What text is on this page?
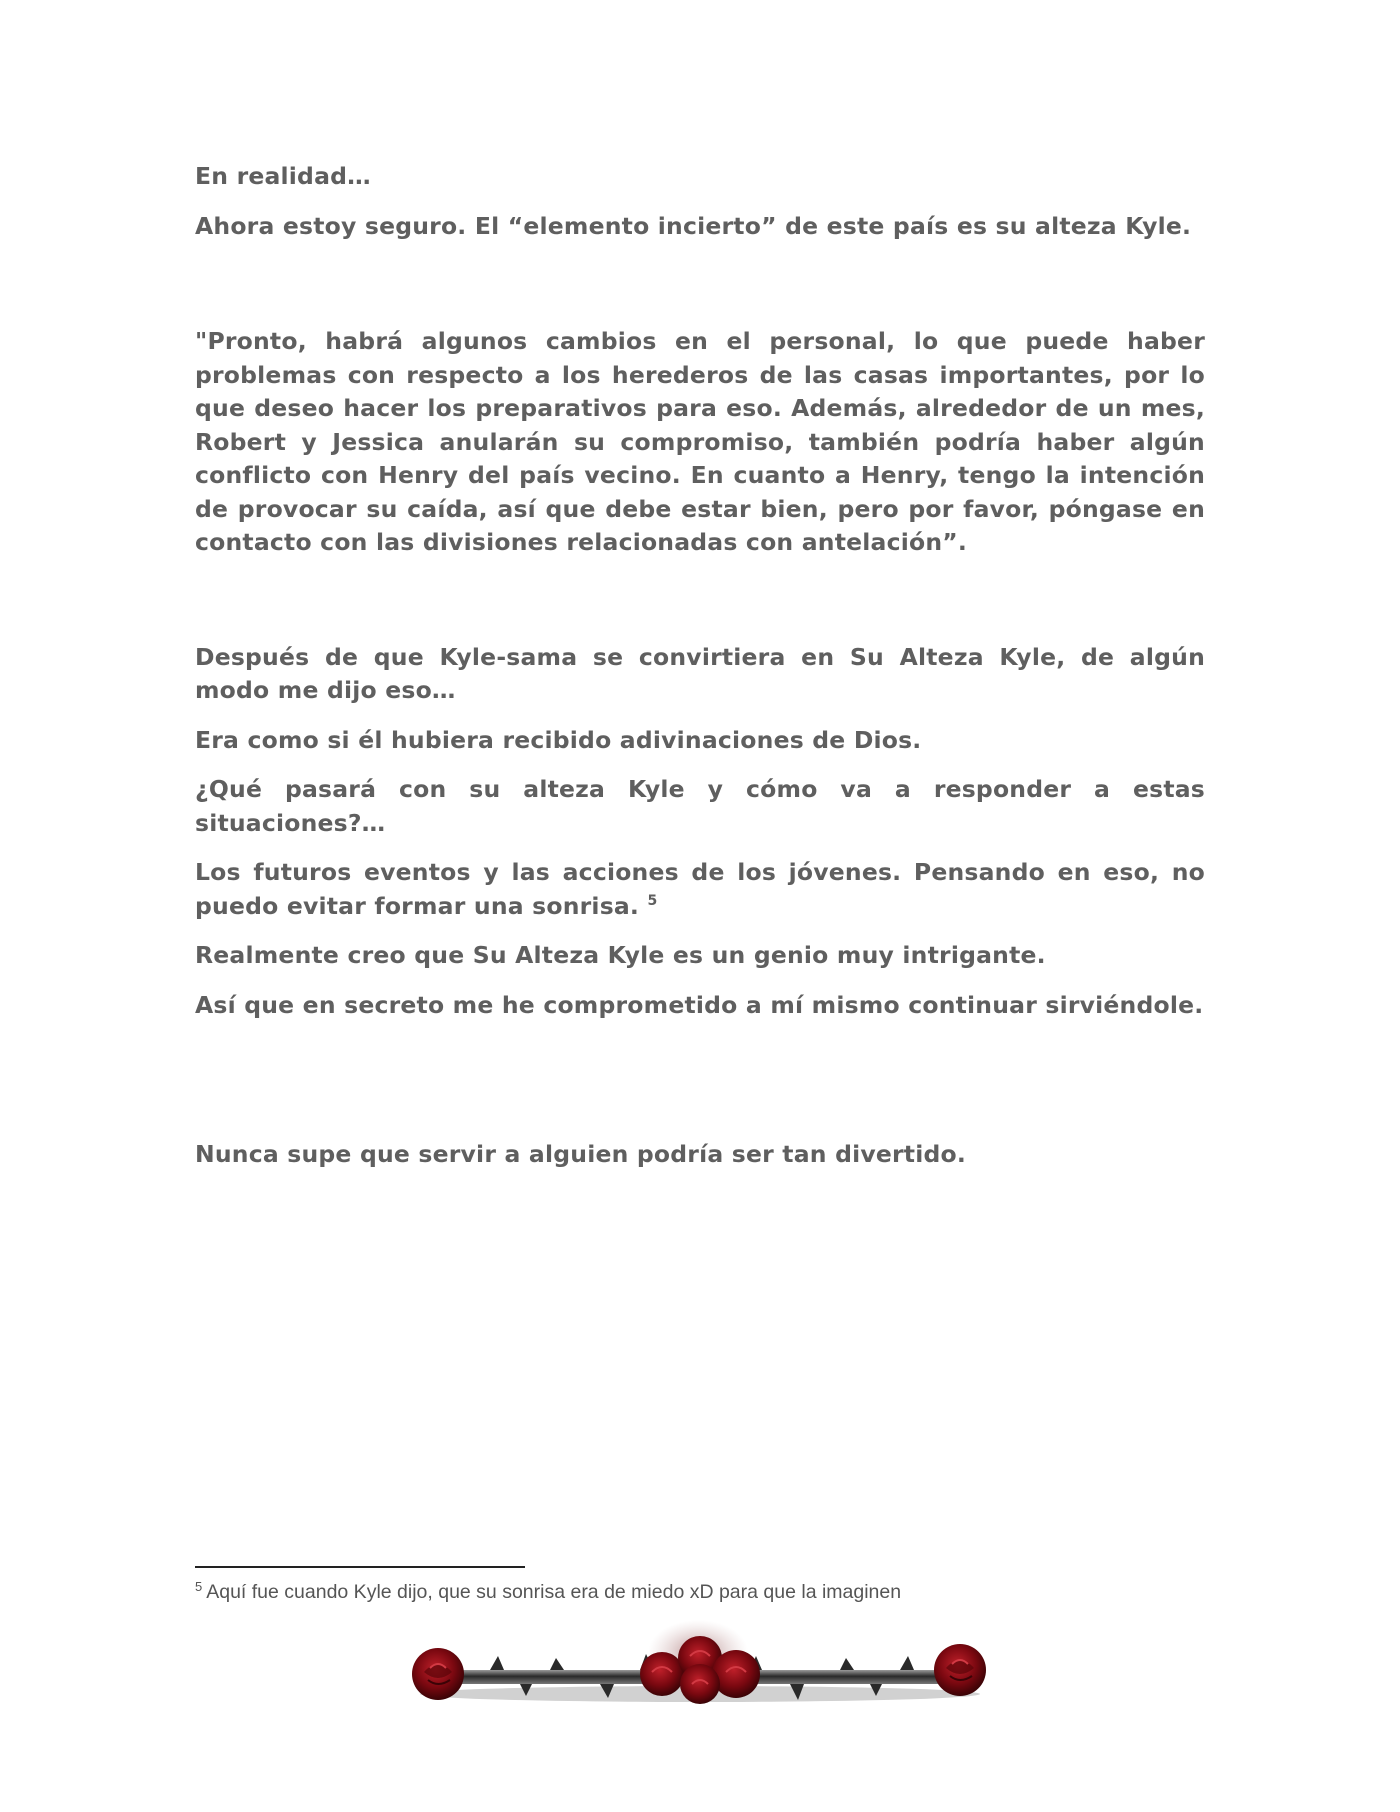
En realidad…

Ahora estoy seguro. El “elemento incierto” de este país es su alteza Kyle.

"Pronto, habrá algunos cambios en el personal, lo que puede haber problemas con respecto a los herederos de las casas importantes, por lo que deseo hacer los preparativos para eso. Además, alrededor de un mes, Robert y Jessica anularán su compromiso, también podría haber algún conflicto con Henry del país vecino. En cuanto a Henry, tengo la intención de provocar su caída, así que debe estar bien, pero por favor, póngase en contacto con las divisiones relacionadas con antelación”.

Después de que Kyle-sama se convirtiera en Su Alteza Kyle, de algún modo me dijo eso…

Era como si él hubiera recibido adivinaciones de Dios.

¿Qué pasará con su alteza Kyle y cómo va a responder a estas situaciones?…

Los futuros eventos y las acciones de los jóvenes. Pensando en eso, no puedo evitar formar una sonrisa. $^5$

Realmente creo que Su Alteza Kyle es un genio muy intrigante.

Así que en secreto me he comprometido a mí mismo continuar sirviéndole.

Nunca supe que servir a alguien podría ser tan divertido.

$^5$ Aquí fue cuando Kyle dijo, que su sonrisa era de miedo xD para que la imaginen
